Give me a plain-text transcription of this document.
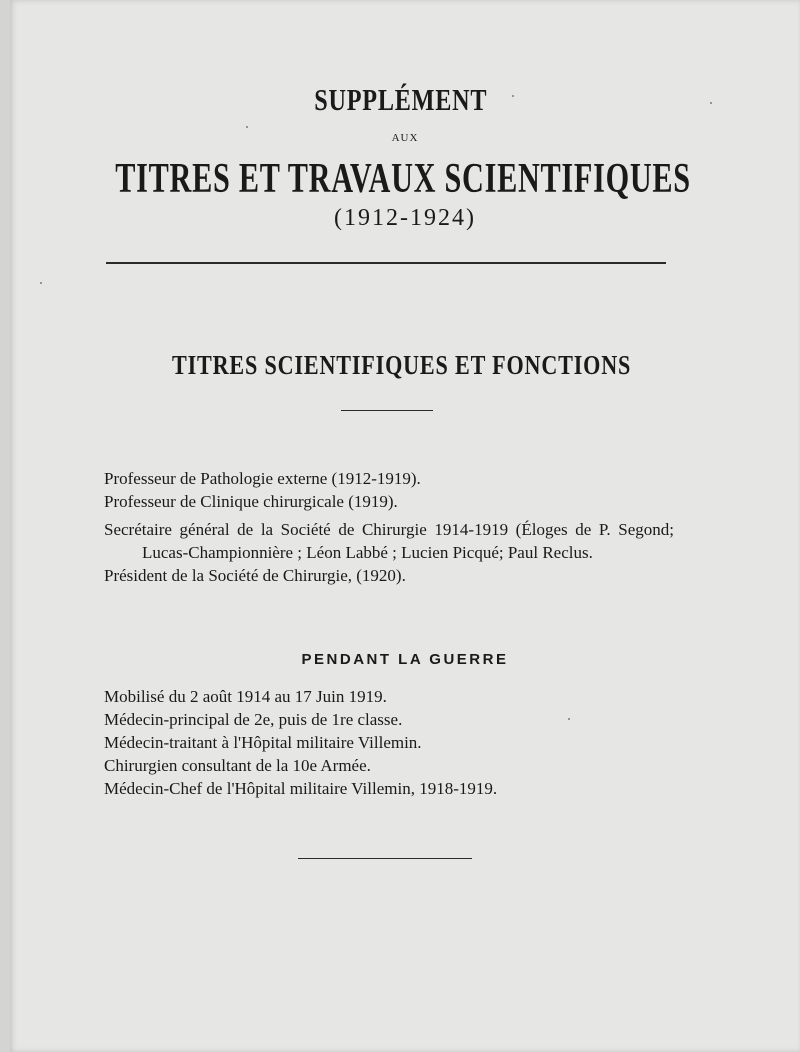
SUPPLÉMENT
AUX
TITRES ET TRAVAUX SCIENTIFIQUES
(1912-1924)
TITRES SCIENTIFIQUES ET FONCTIONS

Professeur de Pathologie externe (1912-1919).

Professeur de Clinique chirurgicale (1919).

Secrétaire général de la Société de Chirurgie 1914-1919 (Éloges de P. Segond; Lucas-Championnière ; Léon Labbé ; Lucien Picqué; Paul Reclus.

Président de la Société de Chirurgie, (1920).

PENDANT LA GUERRE

Mobilisé du 2 août 1914 au 17 Juin 1919.

Médecin-principal de 2e, puis de 1re classe.

Médecin-traitant à l'Hôpital militaire Villemin.

Chirurgien consultant de la 10e Armée.

Médecin-Chef de l'Hôpital militaire Villemin, 1918-1919.
